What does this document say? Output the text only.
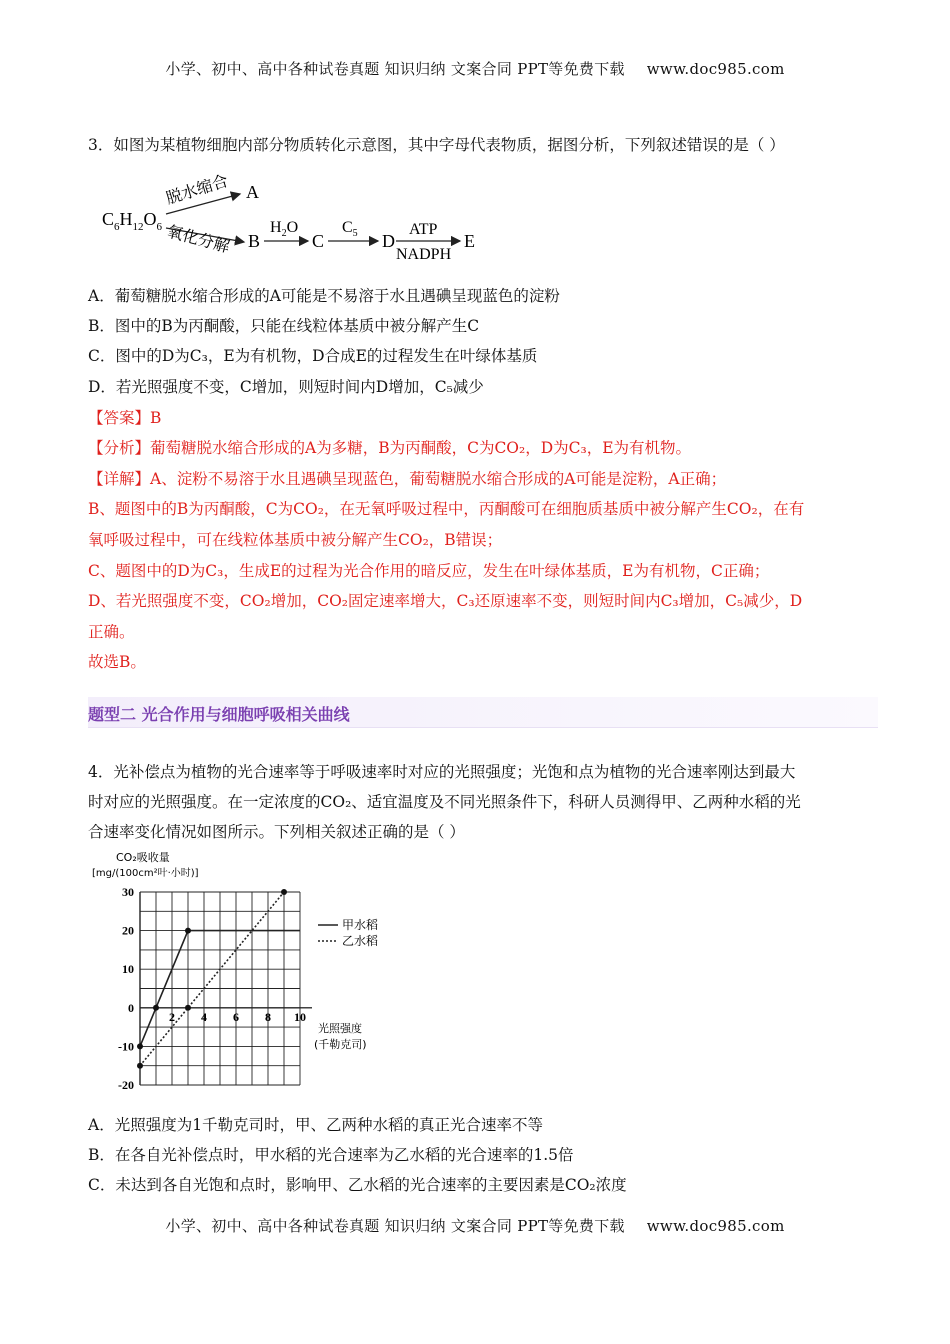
小学、初中、高中各种试卷真题 知识归纳 文案合同 PPT等免费下载 www.doc985.com
3．如图为某植物细胞内部分物质转化示意图，其中字母代表物质，据图分析，下列叙述错误的是（ ）
$C_6H_{12}O_6$
脱水缩合 A
氧化分解 B
$H_2O$
C
$C_5$ D
ATP
NADPH
E
A．葡萄糖脱水缩合形成的A可能是不易溶于水且遇碘呈现蓝色的淀粉
B．图中的B为丙酮酸，只能在线粒体基质中被分解产生C
C．图中的D为C₃，E为有机物，D合成E的过程发生在叶绿体基质
D．若光照强度不变，C增加，则短时间内D增加，C₅减少
【答案】B
【分析】葡萄糖脱水缩合形成的A为多糖，B为丙酮酸，C为CO₂，D为C₃，E为有机物。
【详解】A、淀粉不易溶于水且遇碘呈现蓝色，葡萄糖脱水缩合形成的A可能是淀粉，A正确；
B、题图中的B为丙酮酸，C为CO₂，在无氧呼吸过程中，丙酮酸可在细胞质基质中被分解产生CO₂，在有
氧呼吸过程中，可在线粒体基质中被分解产生CO₂，B错误；
C、题图中的D为C₃，生成E的过程为光合作用的暗反应，发生在叶绿体基质，E为有机物，C正确；
D、若光照强度不变，CO₂增加，CO₂固定速率增大，C₃还原速率不变，则短时间内C₃增加，C₅减少，D
正确。
故选B。
题型二 光合作用与细胞呼吸相关曲线
4．光补偿点为植物的光合速率等于呼吸速率时对应的光照强度；光饱和点为植物的光合速率刚达到最大
时对应的光照强度。在一定浓度的CO₂、适宜温度及不同光照条件下，科研人员测得甲、乙两种水稻的光
合速率变化情况如图所示。下列相关叙述正确的是（ ）
CO₂吸收量
[mg/(100cm²叶·小时)]
30
20
10
0
-10
-20
2 4 6 8 10
光照强度
(千勒克司)
甲水稻
乙水稻
A．光照强度为1千勒克司时，甲、乙两种水稻的真正光合速率不等
B．在各自光补偿点时，甲水稻的光合速率为乙水稻的光合速率的1.5倍
C．未达到各自光饱和点时，影响甲、乙水稻的光合速率的主要因素是CO₂浓度
小学、初中、高中各种试卷真题 知识归纳 文案合同 PPT等免费下载 www.doc985.com
